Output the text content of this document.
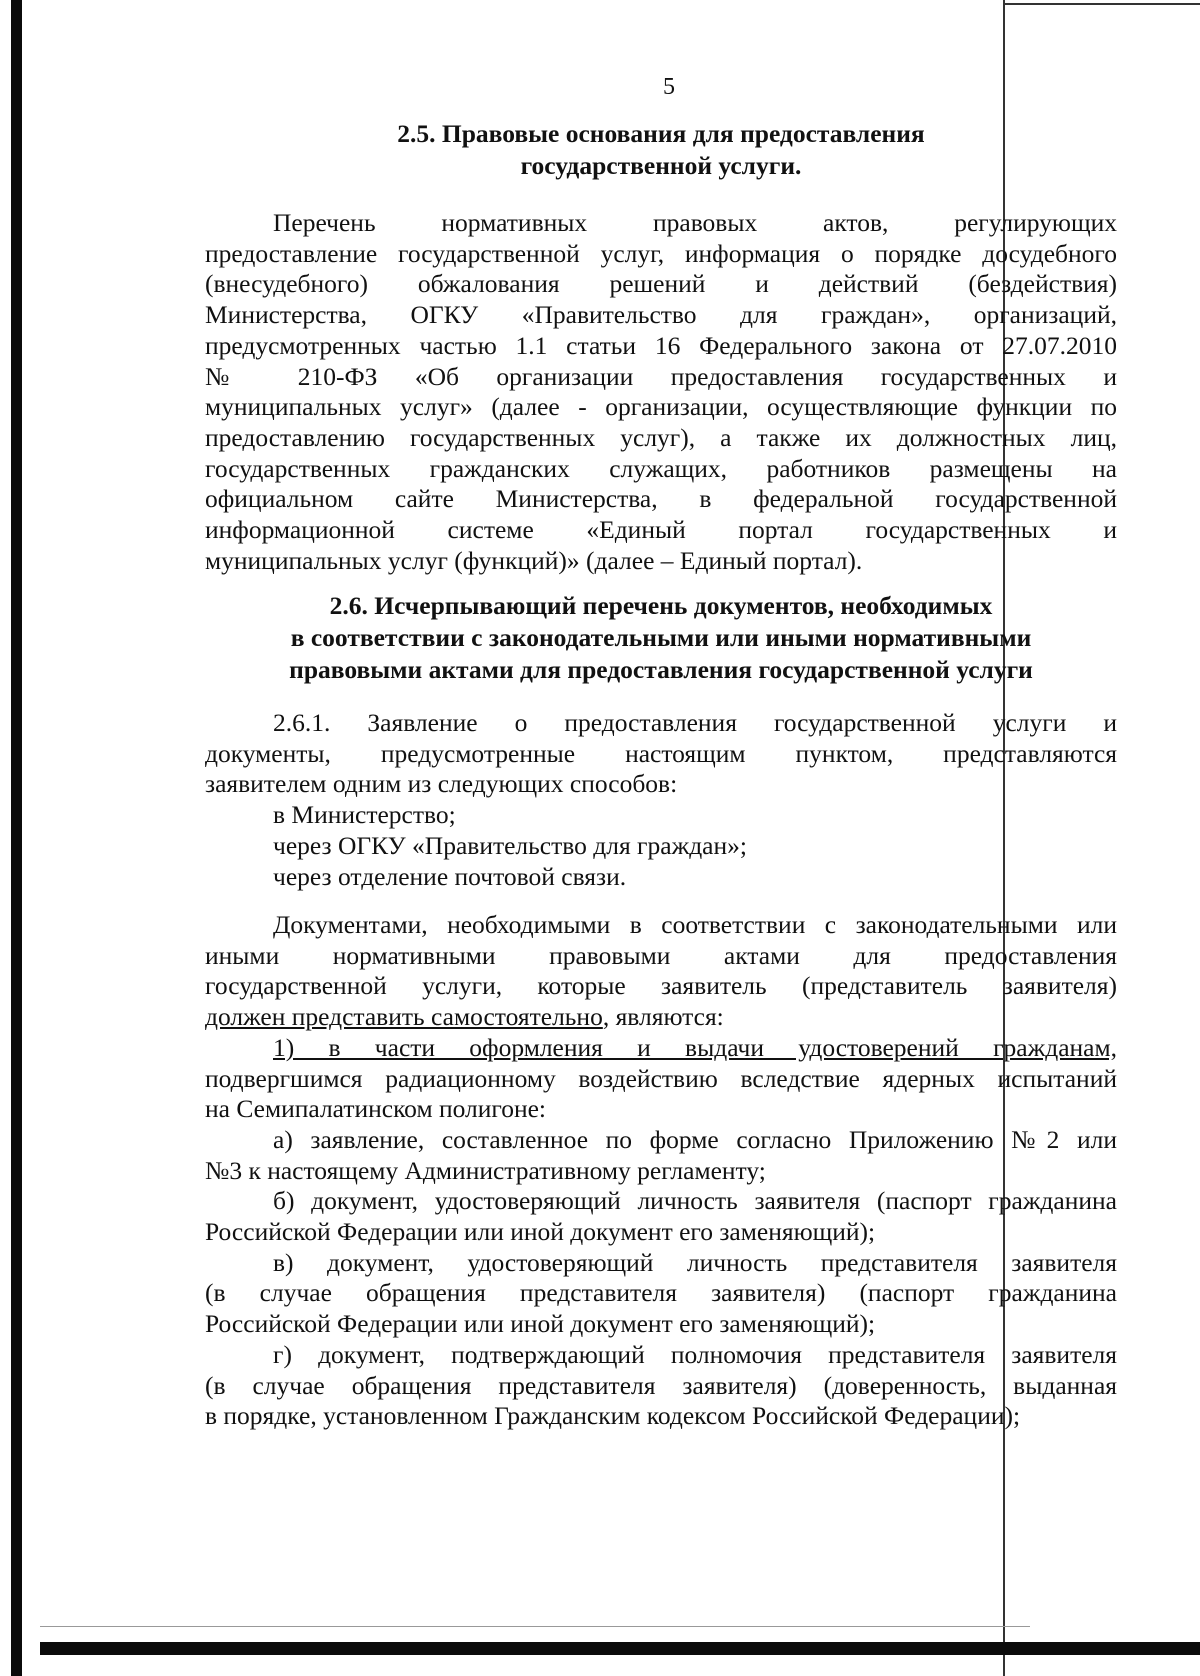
5
2.5. Правовые основания для предоставления
государственной услуги.
Перечень нормативных правовых актов, регулирующих
предоставление государственной услуг, информация о порядке досудебного
(внесудебного) обжалования решений и действий (бездействия)
Министерства, ОГКУ «Правительство для граждан», организаций,
предусмотренных частью 1.1 статьи 16 Федерального закона от 27.07.2010
№ 210-ФЗ «Об организации предоставления государственных и
муниципальных услуг» (далее - организации, осуществляющие функции по
предоставлению государственных услуг), а также их должностных лиц,
государственных гражданских служащих, работников размещены на
официальном сайте Министерства, в федеральной государственной
информационной системе «Единый портал государственных и
муниципальных услуг (функций)» (далее – Единый портал).
2.6. Исчерпывающий перечень документов, необходимых
в соответствии с законодательными или иными нормативными
правовыми актами для предоставления государственной услуги
2.6.1. Заявление о предоставления государственной услуги и
документы, предусмотренные настоящим пунктом, представляются
заявителем одним из следующих способов:
в Министерство;
через ОГКУ «Правительство для граждан»;
через отделение почтовой связи.
Документами, необходимыми в соответствии с законодательными или
иными нормативными правовыми актами для предоставления
государственной услуги, которые заявитель (представитель заявителя)
должен представить самостоятельно, являются:
1) в части оформления и выдачи удостоверений гражданам,
подвергшимся радиационному воздействию вследствие ядерных испытаний
на Семипалатинском полигоне:
а) заявление, составленное по форме согласно Приложению №2 или
№3 к настоящему Административному регламенту;
б) документ, удостоверяющий личность заявителя (паспорт гражданина
Российской Федерации или иной документ его заменяющий);
в) документ, удостоверяющий личность представителя заявителя
(в случае обращения представителя заявителя) (паспорт гражданина
Российской Федерации или иной документ его заменяющий);
г) документ, подтверждающий полномочия представителя заявителя
(в случае обращения представителя заявителя) (доверенность, выданная
в порядке, установленном Гражданским кодексом Российской Федерации);
